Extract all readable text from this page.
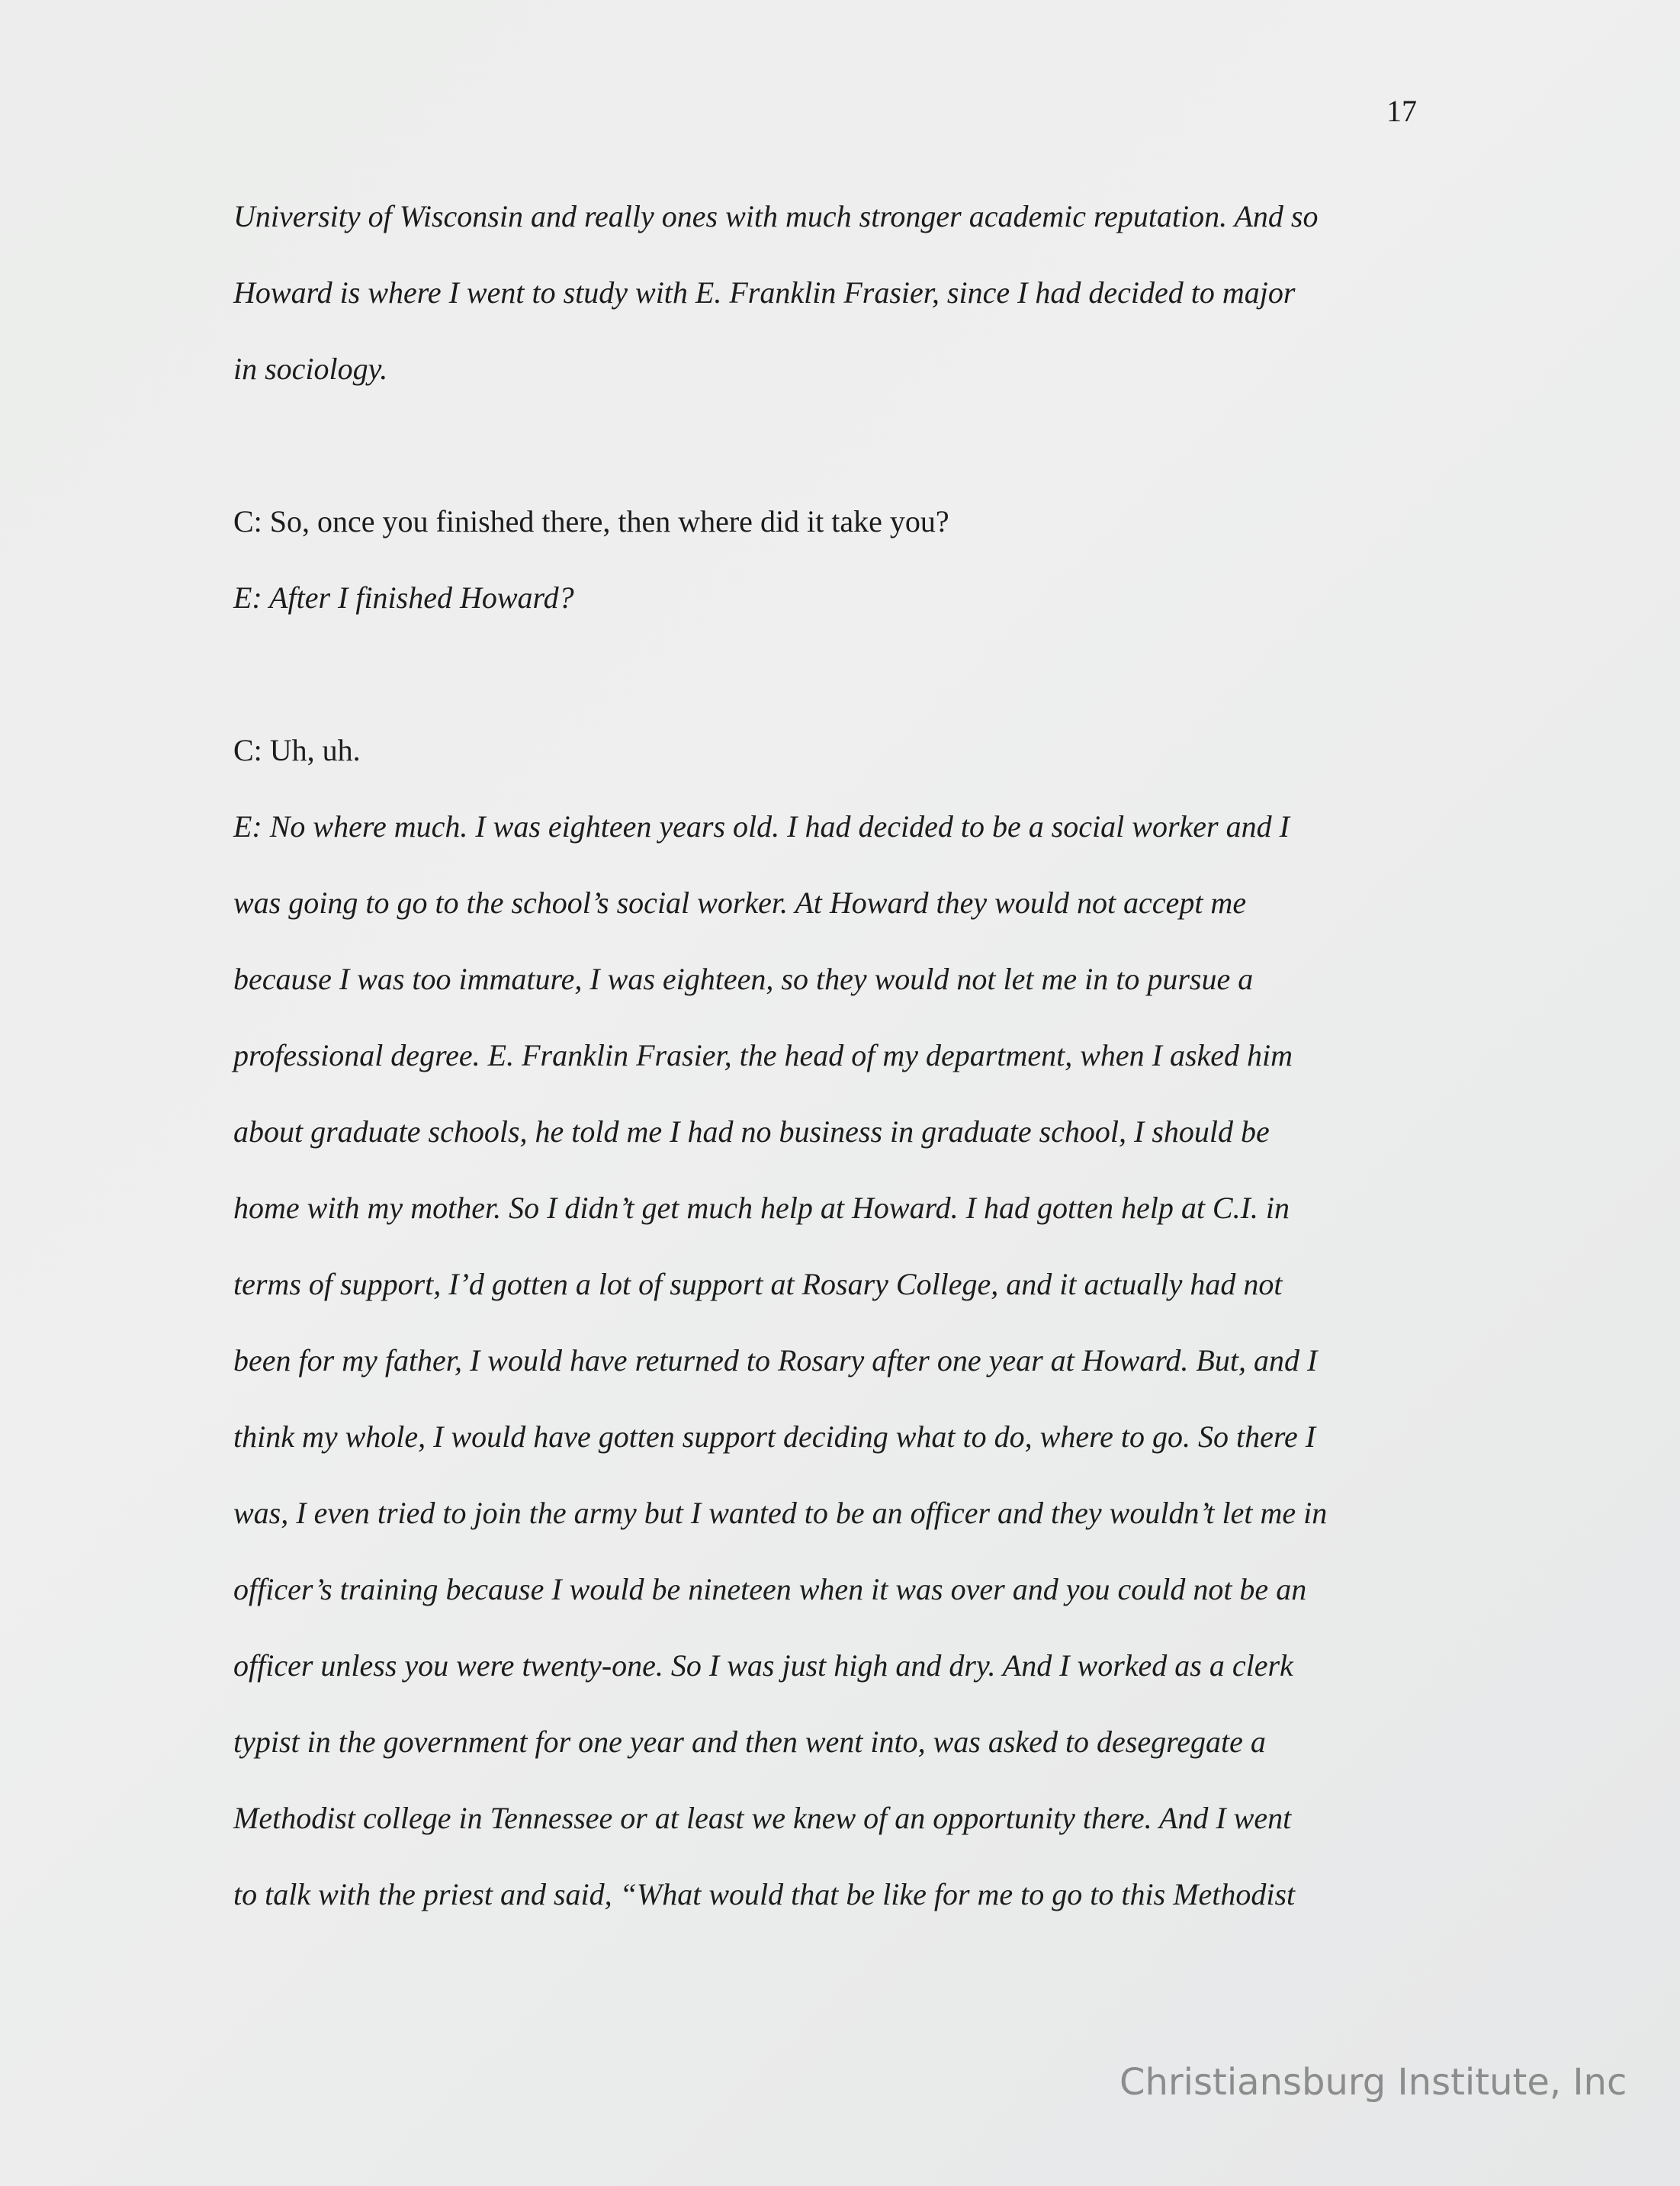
17

University of Wisconsin and really ones with much stronger academic reputation. And so

Howard is where I went to study with E. Franklin Frasier, since I had decided to major

in sociology.

C: So, once you finished there, then where did it take you?

E: After I finished Howard?

C: Uh, uh.

E: No where much. I was eighteen years old. I had decided to be a social worker and I

was going to go to the school’s social worker. At Howard they would not accept me

because I was too immature, I was eighteen, so they would not let me in to pursue a

professional degree. E. Franklin Frasier, the head of my department, when I asked him

about graduate schools, he told me I had no business in graduate school, I should be

home with my mother. So I didn’t get much help at Howard. I had gotten help at C.I. in

terms of support, I’d gotten a lot of support at Rosary College, and it actually had not

been for my father, I would have returned to Rosary after one year at Howard. But, and I

think my whole, I would have gotten support deciding what to do, where to go. So there I

was, I even tried to join the army but I wanted to be an officer and they wouldn’t let me in

officer’s training because I would be nineteen when it was over and you could not be an

officer unless you were twenty-one. So I was just high and dry. And I worked as a clerk

typist in the government for one year and then went into, was asked to desegregate a

Methodist college in Tennessee or at least we knew of an opportunity there. And I went

to talk with the priest and said, “What would that be like for me to go to this Methodist

Christiansburg Institute, Inc
